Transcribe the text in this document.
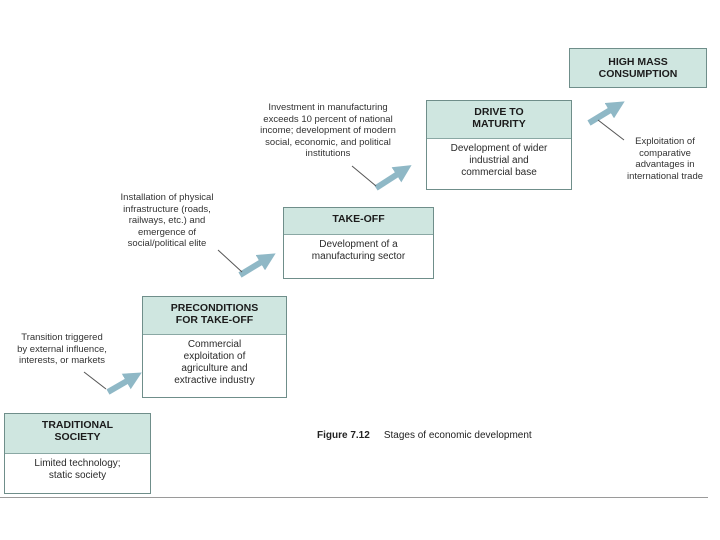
TRADITIONAL
SOCIETY
Limited technology;
static society
PRECONDITIONS
FOR TAKE-OFF
Commercial
exploitation of
agriculture and
extractive industry
TAKE-OFF
Development of a
manufacturing sector
DRIVE TO
MATURITY
Development of wider
industrial and
commercial base
HIGH MASS
CONSUMPTION
Transition triggered
by external influence,
interests, or markets
Installation of physical
infrastructure (roads,
railways, etc.) and
emergence of
social/political elite
Investment in manufacturing
exceeds 10 percent of national
income; development of modern
social, economic, and political
institutions
Exploitation of
comparative
advantages in
international trade
Figure 7.12 Stages of economic development
